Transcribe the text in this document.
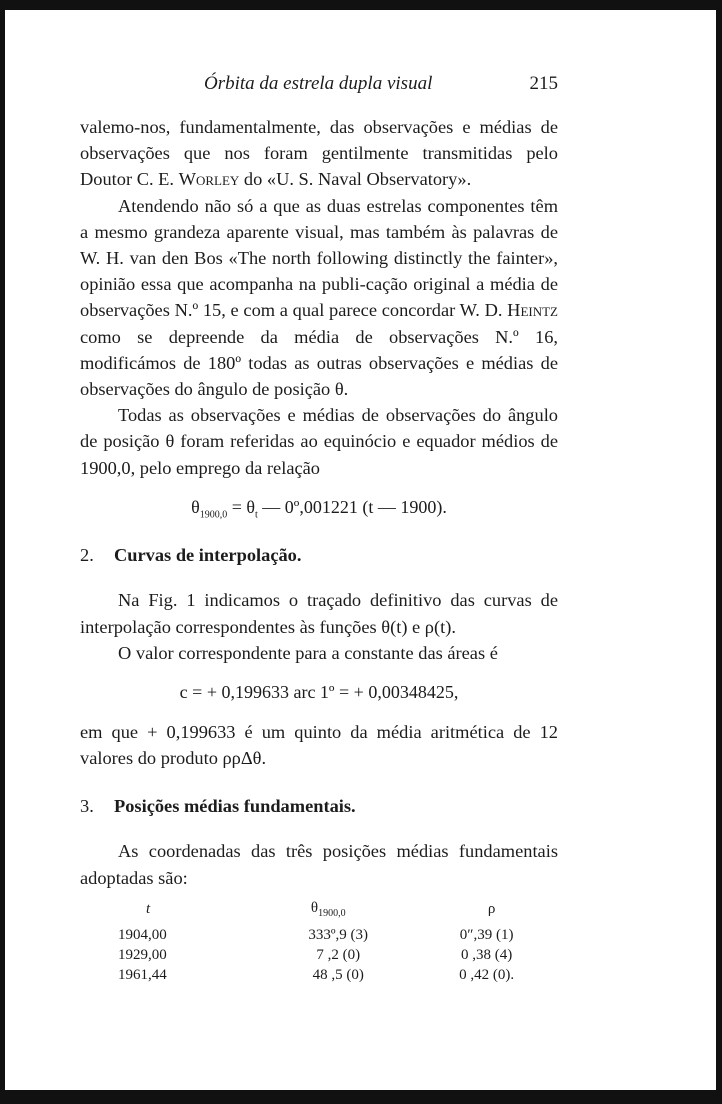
Órbita da estrela dupla visual	215

valemo-nos, fundamentalmente, das observações e médias de observações que nos foram gentilmente transmitidas pelo Doutor C. E. Worley do «U. S. Naval Observatory».

Atendendo não só a que as duas estrelas componentes têm a mesmo grandeza aparente visual, mas também às palavras de W. H. van den Bos «The north following distinctly the fainter», opinião essa que acompanha na publi-cação original a média de observações N.º 15, e com a qual parece concordar W. D. Heintz como se depreende da média de observações N.º 16, modificámos de 180º todas as outras observações e médias de observações do ângulo de posição θ.

Todas as observações e médias de observações do ângulo de posição θ foram referidas ao equinócio e equador médios de 1900,0, pelo emprego da relação

$\theta_{1900,0} = \theta_t$ — 0º,001221 (t — 1900).
2. Curvas de interpolação.

Na Fig. 1 indicamos o traçado definitivo das curvas de interpolação correspondentes às funções θ(t) e ρ(t).

O valor correspondente para a constante das áreas é

c = + 0,199633 arc 1º = + 0,00348425,

em que + 0,199633 é um quinto da média aritmética de 12 valores do produto ρρΔθ.

3. Posições médias fundamentais.

As coordenadas das três posições médias fundamentais adoptadas são:

t	$\theta_{1900,0}$	ρ
1904,00	333º,9 (3)	0″,39 (1)
1929,00	7 ,2 (0)	0 ,38 (4)
1961,44	48 ,5 (0)	0 ,42 (0).
